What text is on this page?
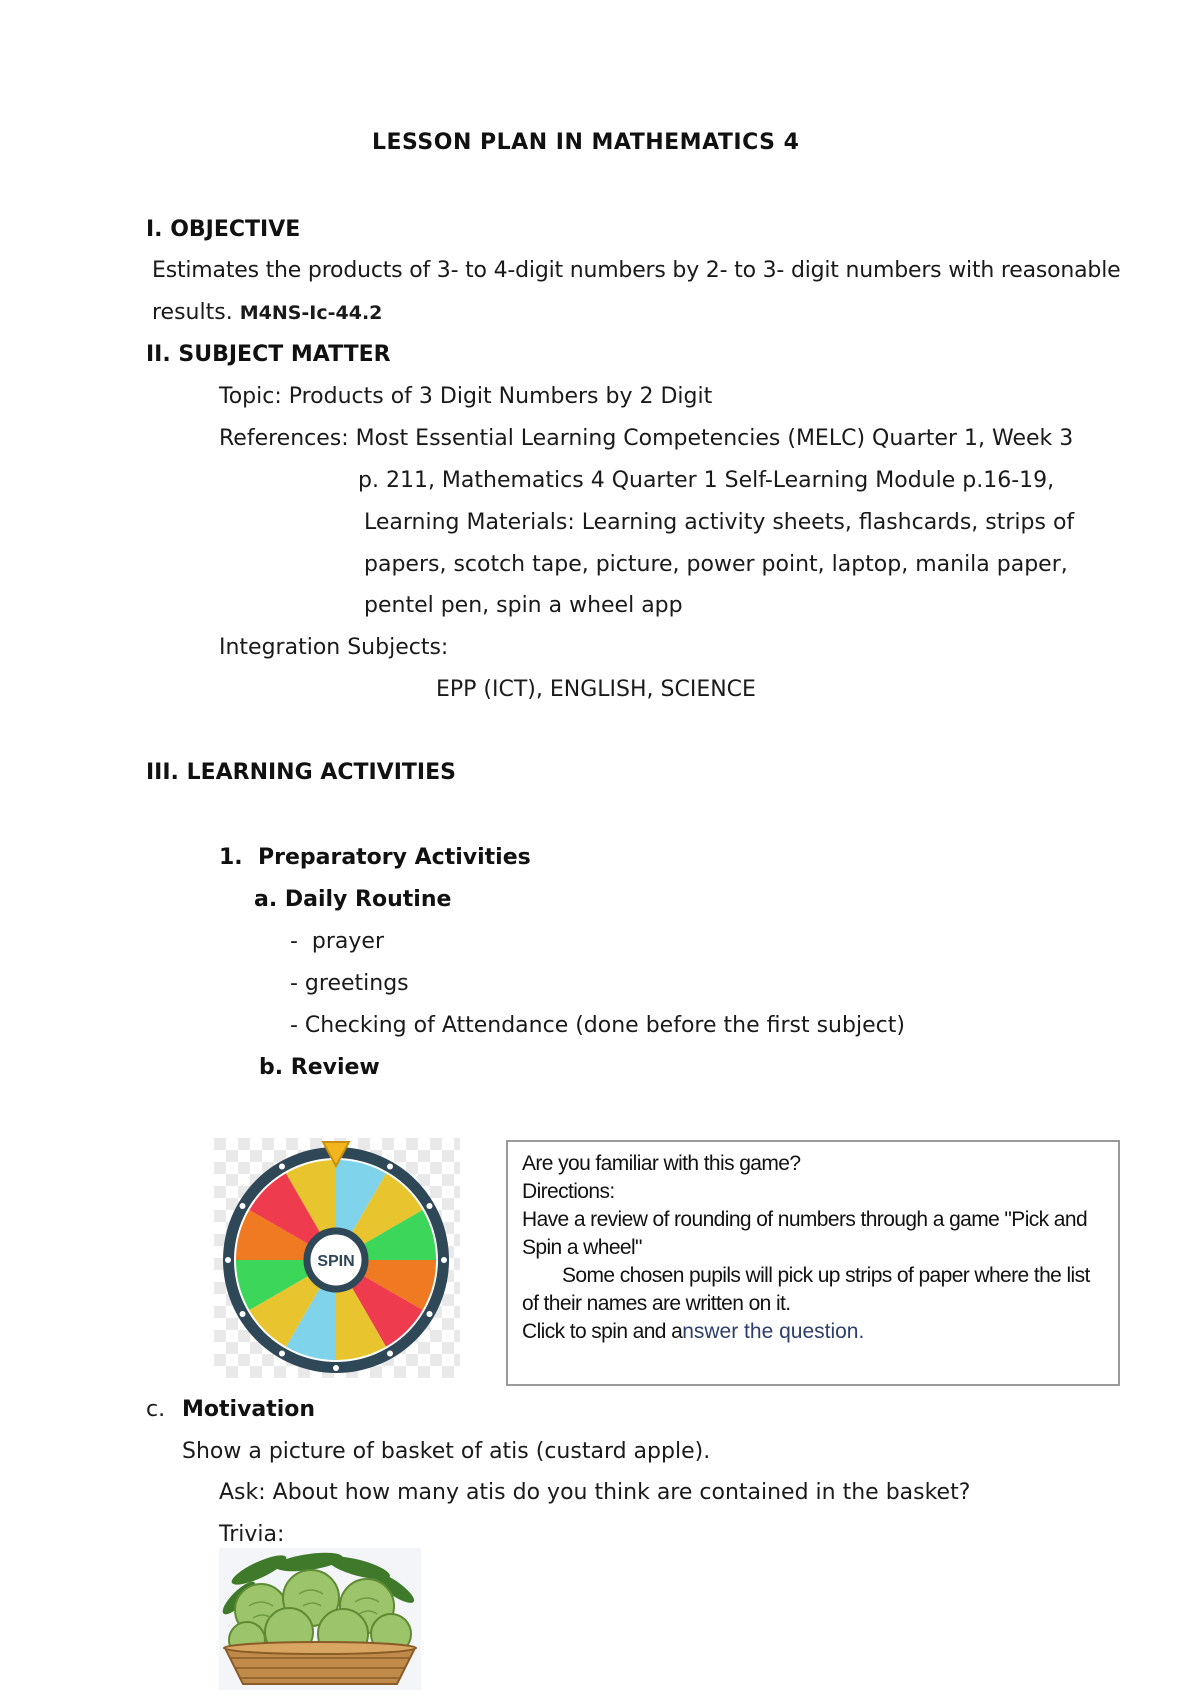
LESSON PLAN IN MATHEMATICS 4
I. OBJECTIVE
Estimates the products of 3- to 4-digit numbers by 2- to 3- digit numbers with reasonable
results. M4NS-Ic-44.2
II. SUBJECT MATTER
Topic: Products of 3 Digit Numbers by 2 Digit
References: Most Essential Learning Competencies (MELC) Quarter 1, Week 3
p. 211, Mathematics 4 Quarter 1 Self-Learning Module p.16-19,
Learning Materials: Learning activity sheets, flashcards, strips of
papers, scotch tape, picture, power point, laptop, manila paper,
pentel pen, spin a wheel app
Integration Subjects:
EPP (ICT), ENGLISH, SCIENCE
III. LEARNING ACTIVITIES
1.  Preparatory Activities
a. Daily Routine
-  prayer
- greetings
- Checking of Attendance (done before the first subject)
b. Review
SPIN
Are you familiar with this game?
Directions:
Have a review of rounding of numbers through a game "Pick and
Spin a wheel"
Some chosen pupils will pick up strips of paper where the list
of their names are written on it.
Click to spin and answer the question.
c. Motivation
Show a picture of basket of atis (custard apple).
Ask: About how many atis do you think are contained in the basket?
Trivia:
